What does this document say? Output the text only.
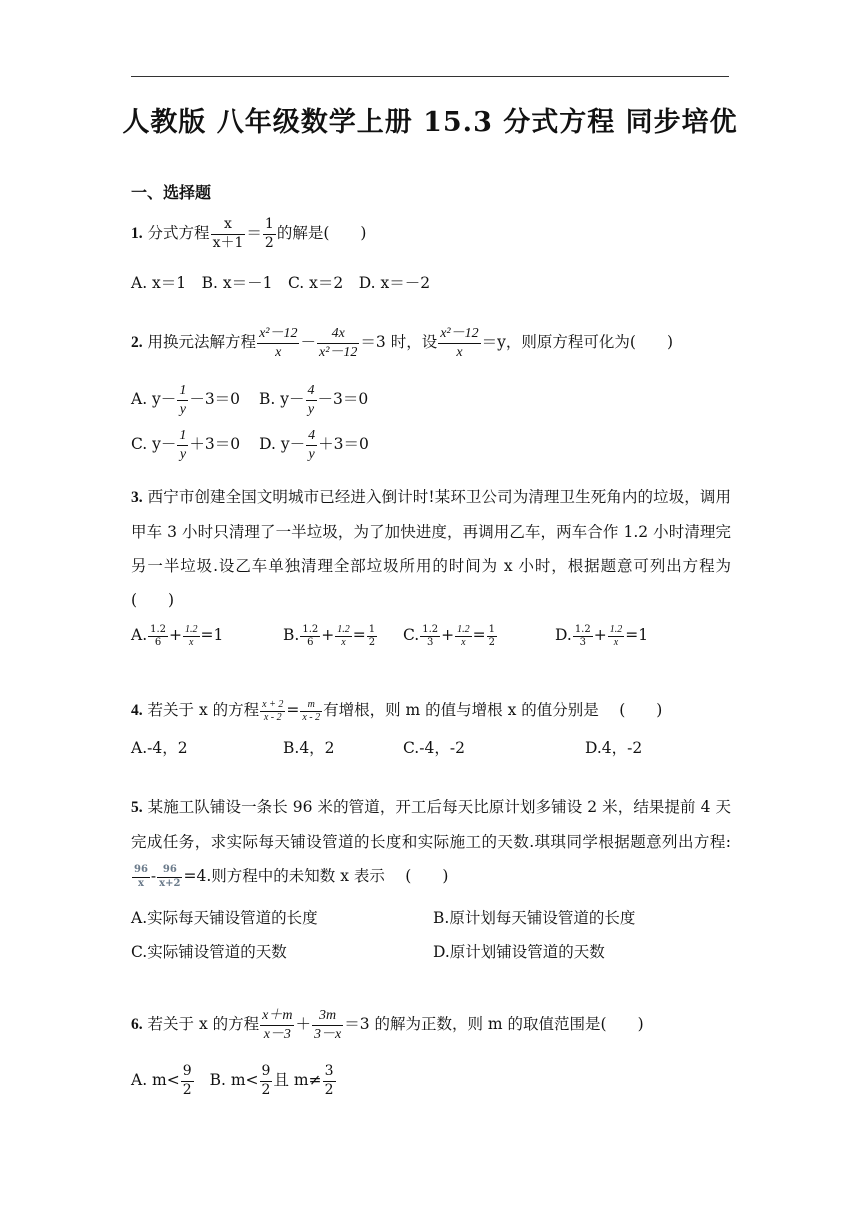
人教版 八年级数学上册 15.3 分式方程 同步培优
一、选择题
1. 分式方程 $\frac{x}{x+1} = \frac{1}{2}$ 的解是(　　)
A. x＝1　B. x＝－1　C. x＝2　D. x＝－2
2. 用换元法解方程 $\frac{\text{x²－12}}{x} - \frac{4x}{\text{x²－12}} =3$ 时，设 $\frac{\text{x²－12}}{x} =y$，则原方程可化为(　　)
A. $y- \frac{1}{y} -3=0$ B. $y- \frac{4}{y} -3=0$
C. $y- \frac{1}{y} +3=0$ D. $y- \frac{4}{y} +3=0$
3. 西宁市创建全国文明城市已经进入倒计时!某环卫公司为清理卫生死角内的垃圾，调用甲车 3 小时只清理了一半垃圾，为了加快进度，再调用乙车，两车合作 1.2 小时清理完另一半垃圾.设乙车单独清理全部垃圾所用的时间为 x 小时，根据题意可列出方程为 (　　)
A. $\frac{1.2}{6} + \frac{1.2}{x} =1$	B. $\frac{1.2}{6} + \frac{1.2}{x} = \frac{1}{2} C$. $\frac{1.2}{3} + \frac{1.2}{x} = \frac{1}{2}$	D. $\frac{1.2}{3} + \frac{1.2}{x} =1$
4. 若关于 x 的方程 $\frac{x + 2}{x - 2} = \frac{m}{x - 2}$ 有增根，则 m 的值与增根 x 的值分别是　 (　　)
A.-4，2	B.4，2	C.-4，-2	D.4，-2
5. 某施工队铺设一条长 96 米的管道，开工后每天比原计划多铺设 2 米，结果提前 4 天完成任务，求实际每天铺设管道的长度和实际施工的天数.琪琪同学根据题意列出方程:
$\frac{96}{x} - \frac{96}{x+2} =4$.则方程中的未知数 x 表示　 (　　)
A.实际每天铺设管道的长度	B.原计划每天铺设管道的长度
C.实际铺设管道的天数	D.原计划铺设管道的天数
6. 若关于 x 的方程 $\frac{x+m}{x-3} + \frac{3m}{3-x} =3$ 的解为正数，则 m 的取值范围是(　　)
A. $m< \frac{9}{2} B$. $m< \frac{9}{2}$ 且 $m\ne \frac{3}{2}$
